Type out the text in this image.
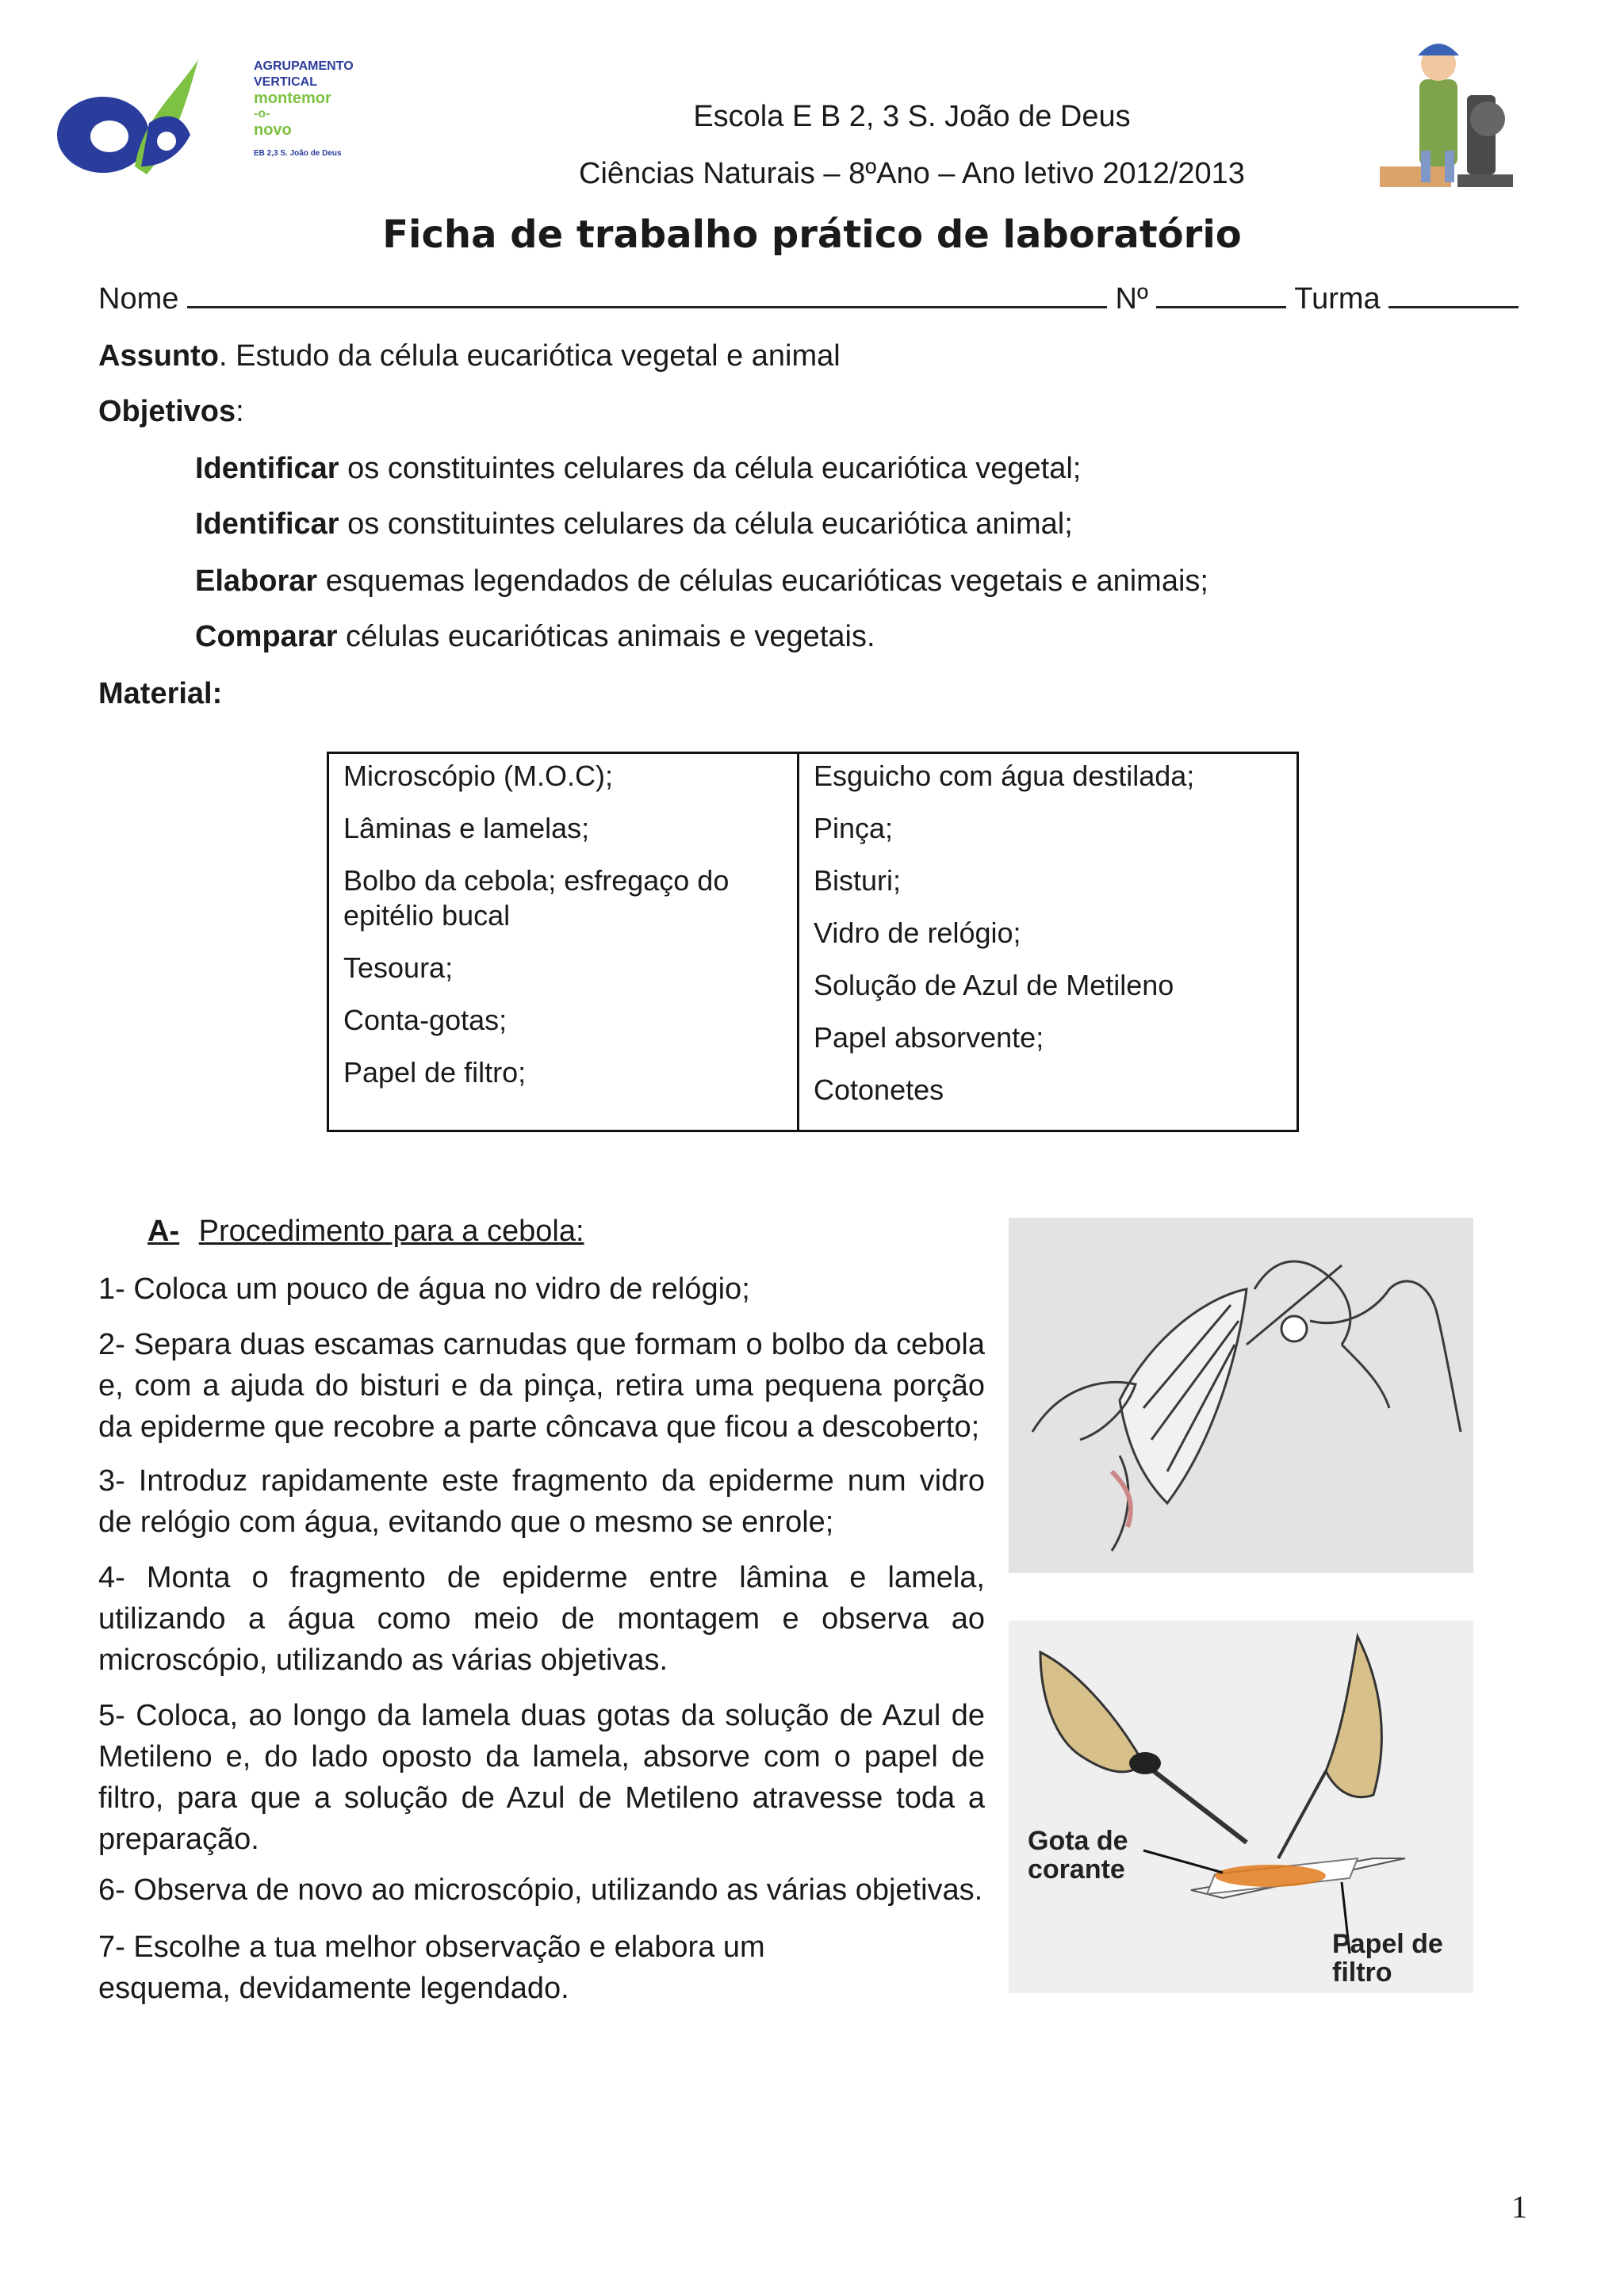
AGRUPAMENTO
VERTICAL
montemor
-o-
novo
EB 2,3 S. João de Deus
Escola E B 2, 3 S. João de Deus
Ciências Naturais – 8ºAno – Ano letivo 2012/2013
Ficha de trabalho prático de laboratório
Nome	Nº	Turma
Assunto. Estudo da célula eucariótica vegetal e animal
Objetivos:
Identificar os constituintes celulares da célula eucariótica vegetal;
Identificar os constituintes celulares da célula eucariótica animal;
Elaborar esquemas legendados de células eucarióticas vegetais e animais;
Comparar células eucarióticas animais e vegetais.
Material:
Microscópio (M.O.C);
Lâminas e lamelas;
Bolbo da cebola; esfregaço do epitélio bucal
Tesoura;
Conta-gotas;
Papel de filtro;

Esguicho com água destilada;
Pinça;
Bisturi;
Vidro de relógio;
Solução de Azul de Metileno
Papel absorvente;
Cotonetes
A- Procedimento para a cebola:
1- Coloca um pouco de água no vidro de relógio;
2- Separa duas escamas carnudas que formam o bolbo da cebola e, com a ajuda do bisturi e da pinça, retira uma pequena porção da epiderme que recobre a parte côncava que ficou a descoberto;
3- Introduz rapidamente este fragmento da epiderme num vidro de relógio com água, evitando que o mesmo se enrole;
4- Monta o fragmento de epiderme entre lâmina e lamela, utilizando a água como meio de montagem e observa ao microscópio, utilizando as várias objetivas.
5- Coloca, ao longo da lamela duas gotas da solução de Azul de Metileno e, do lado oposto da lamela, absorve com o papel de filtro, para que a solução de Azul de Metileno atravesse toda a preparação.
6- Observa de novo ao microscópio, utilizando as várias objetivas.
7- Escolhe a tua melhor observação e elabora um esquema, devidamente legendado.
Gota de
corante
Papel de
filtro
1
